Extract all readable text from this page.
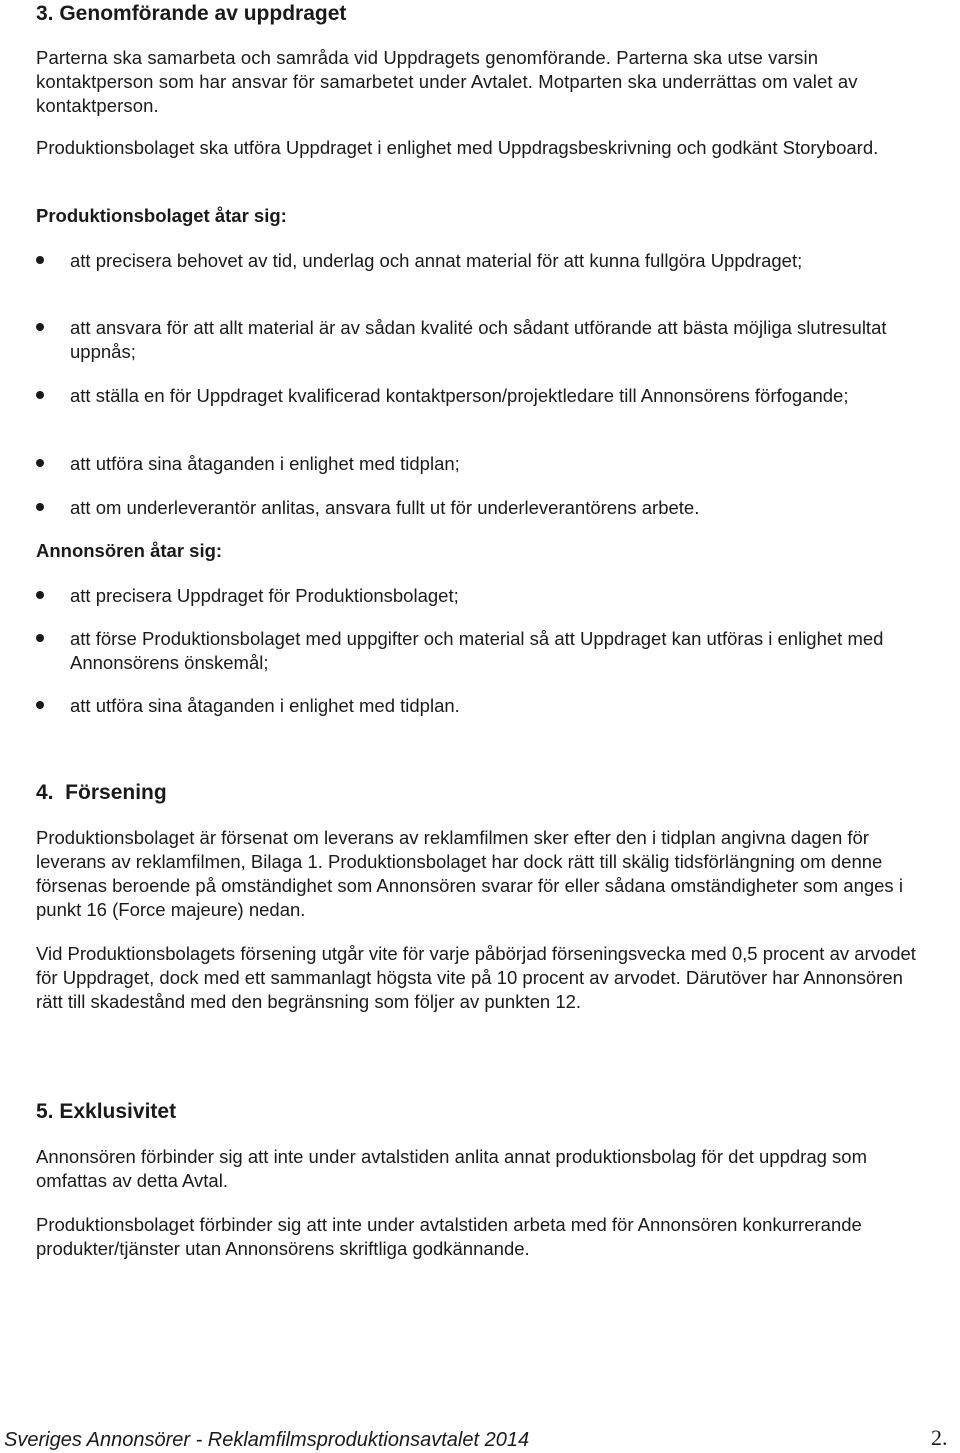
3. Genomförande av uppdraget

Parterna ska samarbeta och samråda vid Uppdragets genomförande. Parterna ska utse varsin kontaktperson som har ansvar för samarbetet under Avtalet. Motparten ska underrättas om valet av kontaktperson.

Produktionsbolaget ska utföra Uppdraget i enlighet med Uppdragsbeskrivning och godkänt Storyboard.

Produktionsbolaget åtar sig:
att precisera behovet av tid, underlag och annat material för att kunna fullgöra Uppdraget;
att ansvara för att allt material är av sådan kvalité och sådant utförande att bästa möjliga slutresultat uppnås;
att ställa en för Uppdraget kvalificerad kontaktperson/projektledare till Annonsörens förfogande;
att utföra sina åtaganden i enlighet med tidplan;
att om underleverantör anlitas, ansvara fullt ut för underleverantörens arbete.
Annonsören åtar sig:
att precisera Uppdraget för Produktionsbolaget;
att förse Produktionsbolaget med uppgifter och material så att Uppdraget kan utföras i enlighet med Annonsörens önskemål;
att utföra sina åtaganden i enlighet med tidplan.
4.  Försening

Produktionsbolaget är försenat om leverans av reklamfilmen sker efter den i tidplan angivna dagen för leverans av reklamfilmen, Bilaga 1. Produktionsbolaget har dock rätt till skälig tidsförlängning om denne försenas beroende på omständighet som Annonsören svarar för eller sådana omständigheter som anges i punkt 16 (Force majeure) nedan.

Vid Produktionsbolagets försening utgår vite för varje påbörjad förseningsvecka med 0,5 procent av arvodet för Uppdraget, dock med ett sammanlagt högsta vite på 10 procent av arvodet. Därutöver har Annonsören rätt till skadestånd med den begränsning som följer av punkten 12.

5. Exklusivitet

Annonsören förbinder sig att inte under avtalstiden anlita annat produktionsbolag för det uppdrag som omfattas av detta Avtal.

Produktionsbolaget förbinder sig att inte under avtalstiden arbeta med för Annonsören konkurrerande produkter/tjänster utan Annonsörens skriftliga godkännande.

Sveriges Annonsörer - Reklamfilmsproduktionsavtalet 2014	2.
